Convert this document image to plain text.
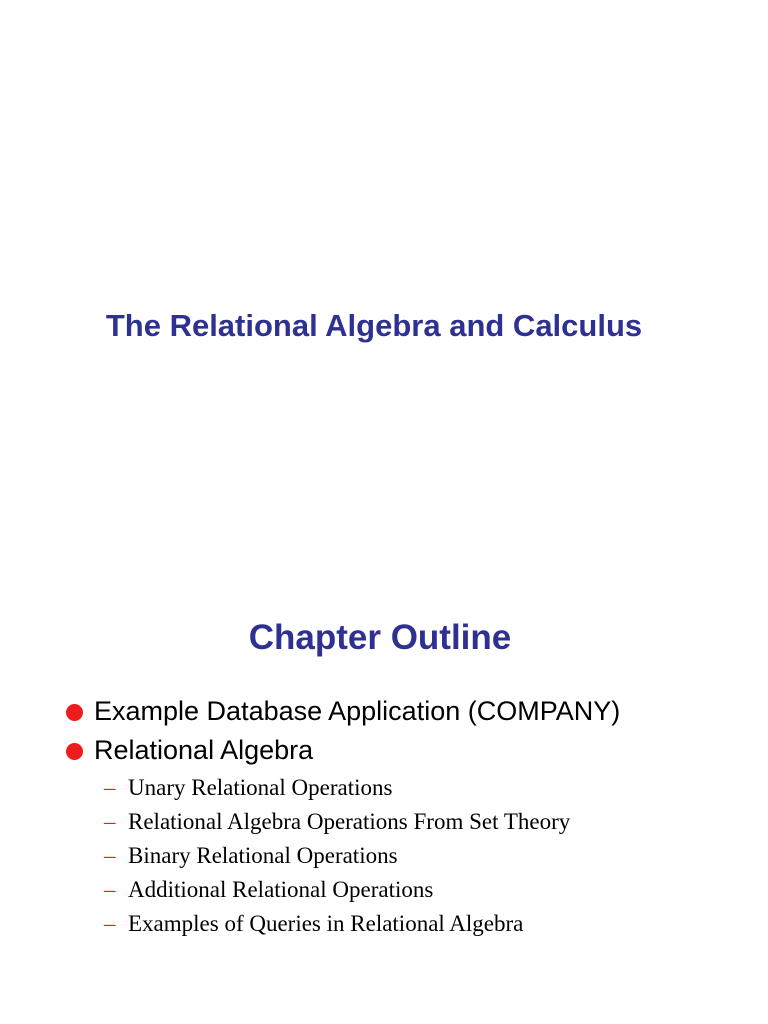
The Relational Algebra and Calculus
Chapter Outline
Example Database Application (COMPANY)
Relational Algebra
– Unary Relational Operations
– Relational Algebra Operations From Set Theory
– Binary Relational Operations
– Additional Relational Operations
– Examples of Queries in Relational Algebra
